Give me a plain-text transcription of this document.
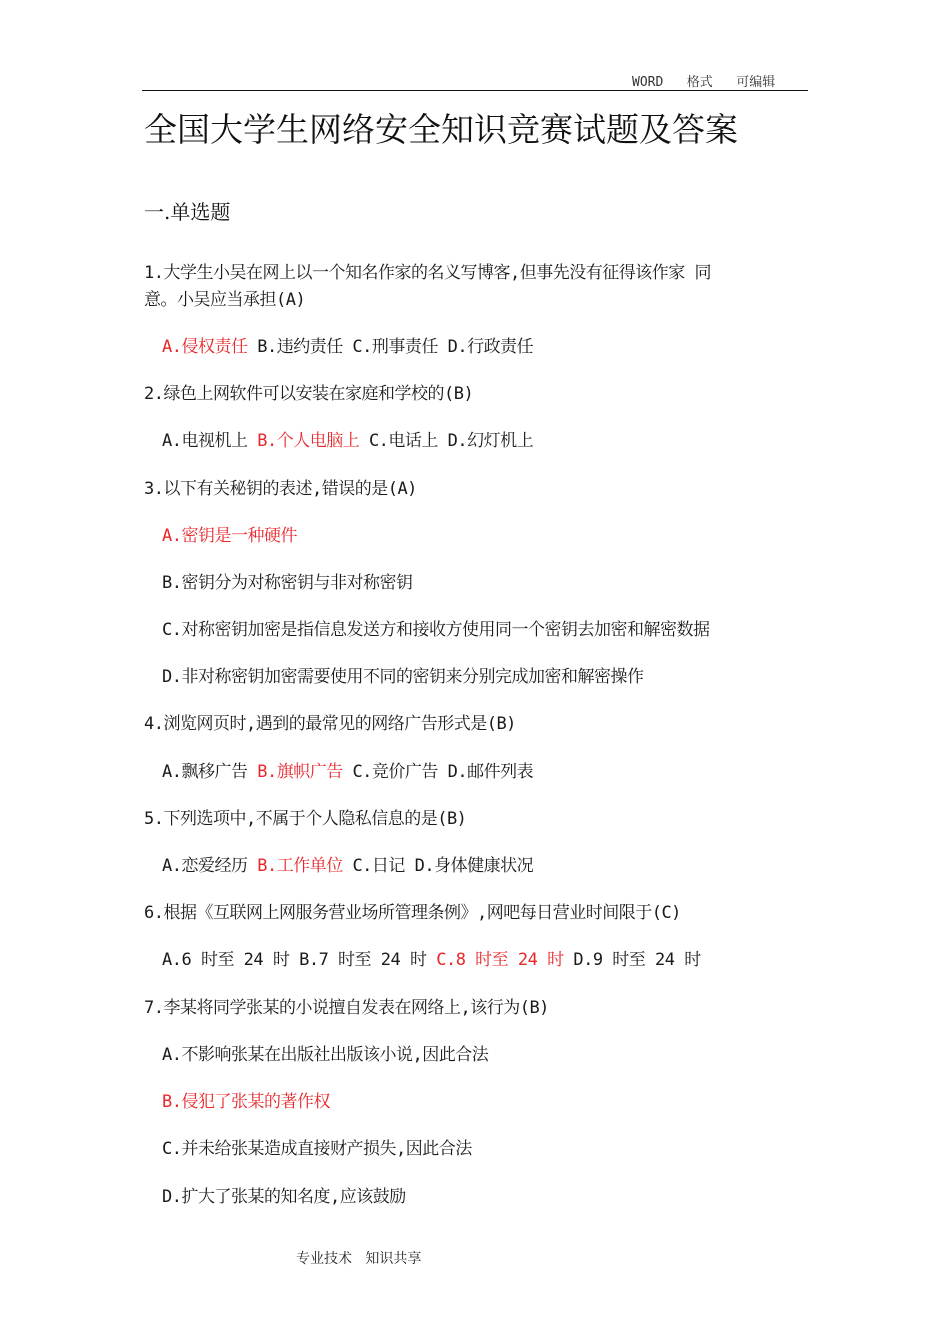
WORD   格式   可编辑
全国大学生网络安全知识竞赛试题及答案
一.单选题
1.大学生小吴在网上以一个知名作家的名义写博客,但事先没有征得该作家 同
意。小吴应当承担(A)
A.侵权责任 B.违约责任 C.刑事责任 D.行政责任
2.绿色上网软件可以安装在家庭和学校的(B)
A.电视机上 B.个人电脑上 C.电话上 D.幻灯机上
3.以下有关秘钥的表述,错误的是(A)
A.密钥是一种硬件
B.密钥分为对称密钥与非对称密钥
C.对称密钥加密是指信息发送方和接收方使用同一个密钥去加密和解密数据
D.非对称密钥加密需要使用不同的密钥来分别完成加密和解密操作
4.浏览网页时,遇到的最常见的网络广告形式是(B)
A.飘移广告 B.旗帜广告 C.竞价广告 D.邮件列表
5.下列选项中,不属于个人隐私信息的是(B)
A.恋爱经历 B.工作单位 C.日记 D.身体健康状况
6.根据《互联网上网服务营业场所管理条例》,网吧每日营业时间限于(C)
A.6 时至 24 时 B.7 时至 24 时 C.8 时至 24 时 D.9 时至 24 时
7.李某将同学张某的小说擅自发表在网络上,该行为(B)
A.不影响张某在出版社出版该小说,因此合法
B.侵犯了张某的著作权
C.并未给张某造成直接财产损失,因此合法
D.扩大了张某的知名度,应该鼓励
专业技术   知识共享
